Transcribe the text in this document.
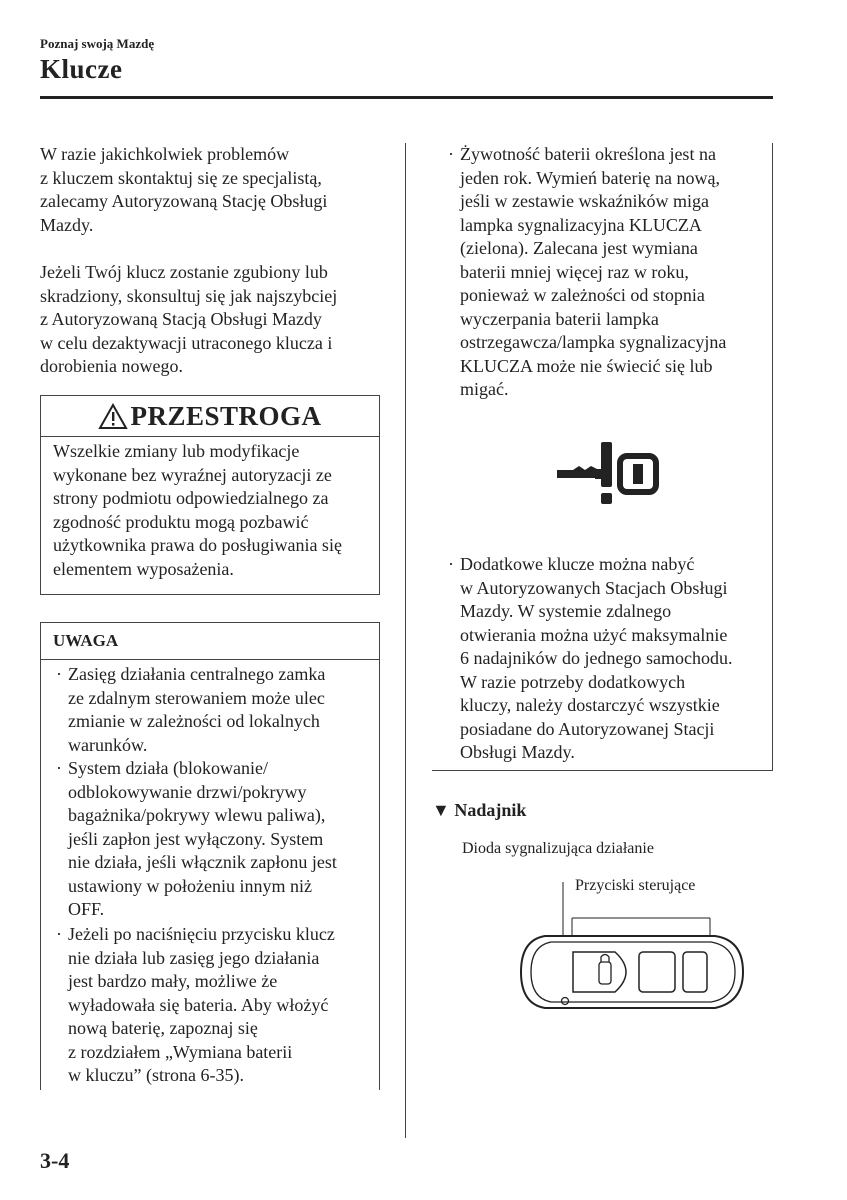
Poznaj swoją Mazdę
Klucze
W razie jakichkolwiek problemów
z kluczem skontaktuj się ze specjalistą,
zalecamy Autoryzowaną Stację Obsługi
Mazdy.
Jeżeli Twój klucz zostanie zgubiony lub
skradziony, skonsultuj się jak najszybciej
z Autoryzowaną Stacją Obsługi Mazdy
w celu dezaktywacji utraconego klucza i
dorobienia nowego.
PRZESTROGA
Wszelkie zmiany lub modyfikacje
wykonane bez wyraźnej autoryzacji ze
strony podmiotu odpowiedzialnego za
zgodność produktu mogą pozbawić
użytkownika prawa do posługiwania się
elementem wyposażenia.
UWAGA
· Zasięg działania centralnego zamka
ze zdalnym sterowaniem może ulec
zmianie w zależności od lokalnych
warunków.
· System działa (blokowanie/
odblokowywanie drzwi/pokrywy
bagażnika/pokrywy wlewu paliwa),
jeśli zapłon jest wyłączony. System
nie działa, jeśli włącznik zapłonu jest
ustawiony w położeniu innym niż
OFF.
· Jeżeli po naciśnięciu przycisku klucz
nie działa lub zasięg jego działania
jest bardzo mały, możliwe że
wyładowała się bateria. Aby włożyć
nową baterię, zapoznaj się
z rozdziałem „Wymiana baterii
w kluczu” (strona 6-35).
· Żywotność baterii określona jest na
jeden rok. Wymień baterię na nową,
jeśli w zestawie wskaźników miga
lampka sygnalizacyjna KLUCZA
(zielona). Zalecana jest wymiana
baterii mniej więcej raz w roku,
ponieważ w zależności od stopnia
wyczerpania baterii lampka
ostrzegawcza/lampka sygnalizacyjna
KLUCZA może nie świecić się lub
migać.
· Dodatkowe klucze można nabyć
w Autoryzowanych Stacjach Obsługi
Mazdy. W systemie zdalnego
otwierania można użyć maksymalnie
6 nadajników do jednego samochodu.
W razie potrzeby dodatkowych
kluczy, należy dostarczyć wszystkie
posiadane do Autoryzowanej Stacji
Obsługi Mazdy.
▼ Nadajnik
Dioda sygnalizująca działanie
Przyciski sterujące
3-4
